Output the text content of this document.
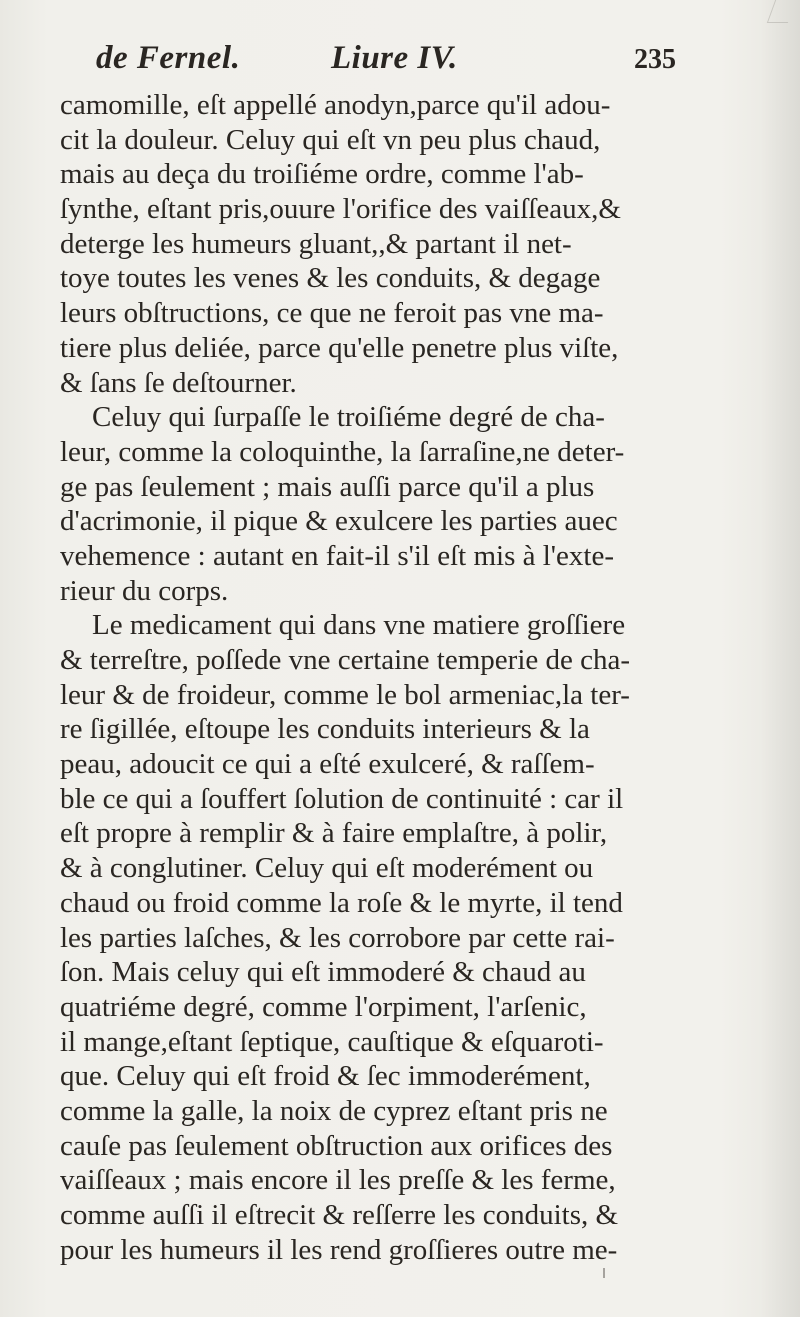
de Fernel.	Liure IV.	235
camomille, eſt appellé anodyn,parce qu'il adou-
cit la douleur. Celuy qui eſt vn peu plus chaud,
mais au deça du troiſiéme ordre, comme l'ab-
ſynthe, eſtant pris,ouure l'orifice des vaiſſeaux,&
deterge les humeurs gluant,,& partant il net-
toye toutes les venes & les conduits, & degage
leurs obſtructions, ce que ne feroit pas vne ma-
tiere plus deliée, parce qu'elle penetre plus viſte,
& ſans ſe deſtourner.
Celuy qui ſurpaſſe le troiſiéme degré de cha-
leur, comme la coloquinthe, la ſarraſine,ne deter-
ge pas ſeulement ; mais auſſi parce qu'il a plus
d'acrimonie, il pique & exulcere les parties auec
vehemence : autant en fait-il s'il eſt mis à l'exte-
rieur du corps.
Le medicament qui dans vne matiere groſſiere
& terreſtre, poſſede vne certaine temperie de cha-
leur & de froideur, comme le bol armeniac,la ter-
re ſigillée, eſtoupe les conduits interieurs & la
peau, adoucit ce qui a eſté exulceré, & raſſem-
ble ce qui a ſouffert ſolution de continuité : car il
eſt propre à remplir & à faire emplaſtre, à polir,
& à conglutiner. Celuy qui eſt moderément ou
chaud ou froid comme la roſe & le myrte, il tend
les parties laſches, & les corrobore par cette rai-
ſon. Mais celuy qui eſt immoderé & chaud au
quatriéme degré, comme l'orpiment, l'arſenic,
il mange,eſtant ſeptique, cauſtique & eſquaroti-
que. Celuy qui eſt froid & ſec immoderément,
comme la galle, la noix de cyprez eſtant pris ne
cauſe pas ſeulement obſtruction aux orifices des
vaiſſeaux ; mais encore il les preſſe & les ferme,
comme auſſi il eſtrecit & reſſerre les conduits, &
pour les humeurs il les rend groſſieres outre me-
